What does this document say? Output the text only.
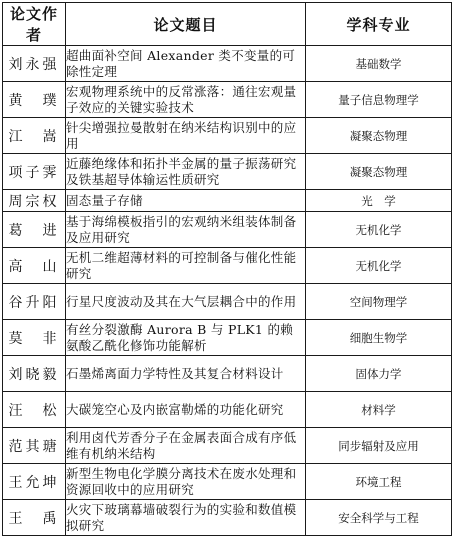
论文作者	论文题目	学科专业
刘永强	超曲面补空间 Alexander 类不变量的可除性定理	基础数学
黄　璞	宏观物理系统中的反常涨落：通往宏观量子效应的关键实验技术	量子信息物理学
江　嵩	针尖增强拉曼散射在纳米结构识别中的应用	凝聚态物理
项子霁	近藤绝缘体和拓扑半金属的量子振荡研究及铁基超导体输运性质研究	凝聚态物理
周宗权	固态量子存储	光　学
葛　进	基于海绵模板指引的宏观纳米组装体制备及应用研究	无机化学
高　山	无机二维超薄材料的可控制备与催化性能研究	无机化学
谷升阳	行星尺度波动及其在大气层耦合中的作用	空间物理学
莫　非	有丝分裂激酶 Aurora B 与 PLK1 的赖氨酸乙酰化修饰功能解析	细胞生物学
刘晓毅	石墨烯离面力学特性及其复合材料设计	固体力学
汪　松	大碳笼空心及内嵌富勒烯的功能化研究	材料学
范其瑭	利用卤代芳香分子在金属表面合成有序低维有机纳米结构	同步辐射及应用
王允坤	新型生物电化学膜分离技术在废水处理和资源回收中的应用研究	环境工程
王　禹	火灾下玻璃幕墙破裂行为的实验和数值模拟研究	安全科学与工程
